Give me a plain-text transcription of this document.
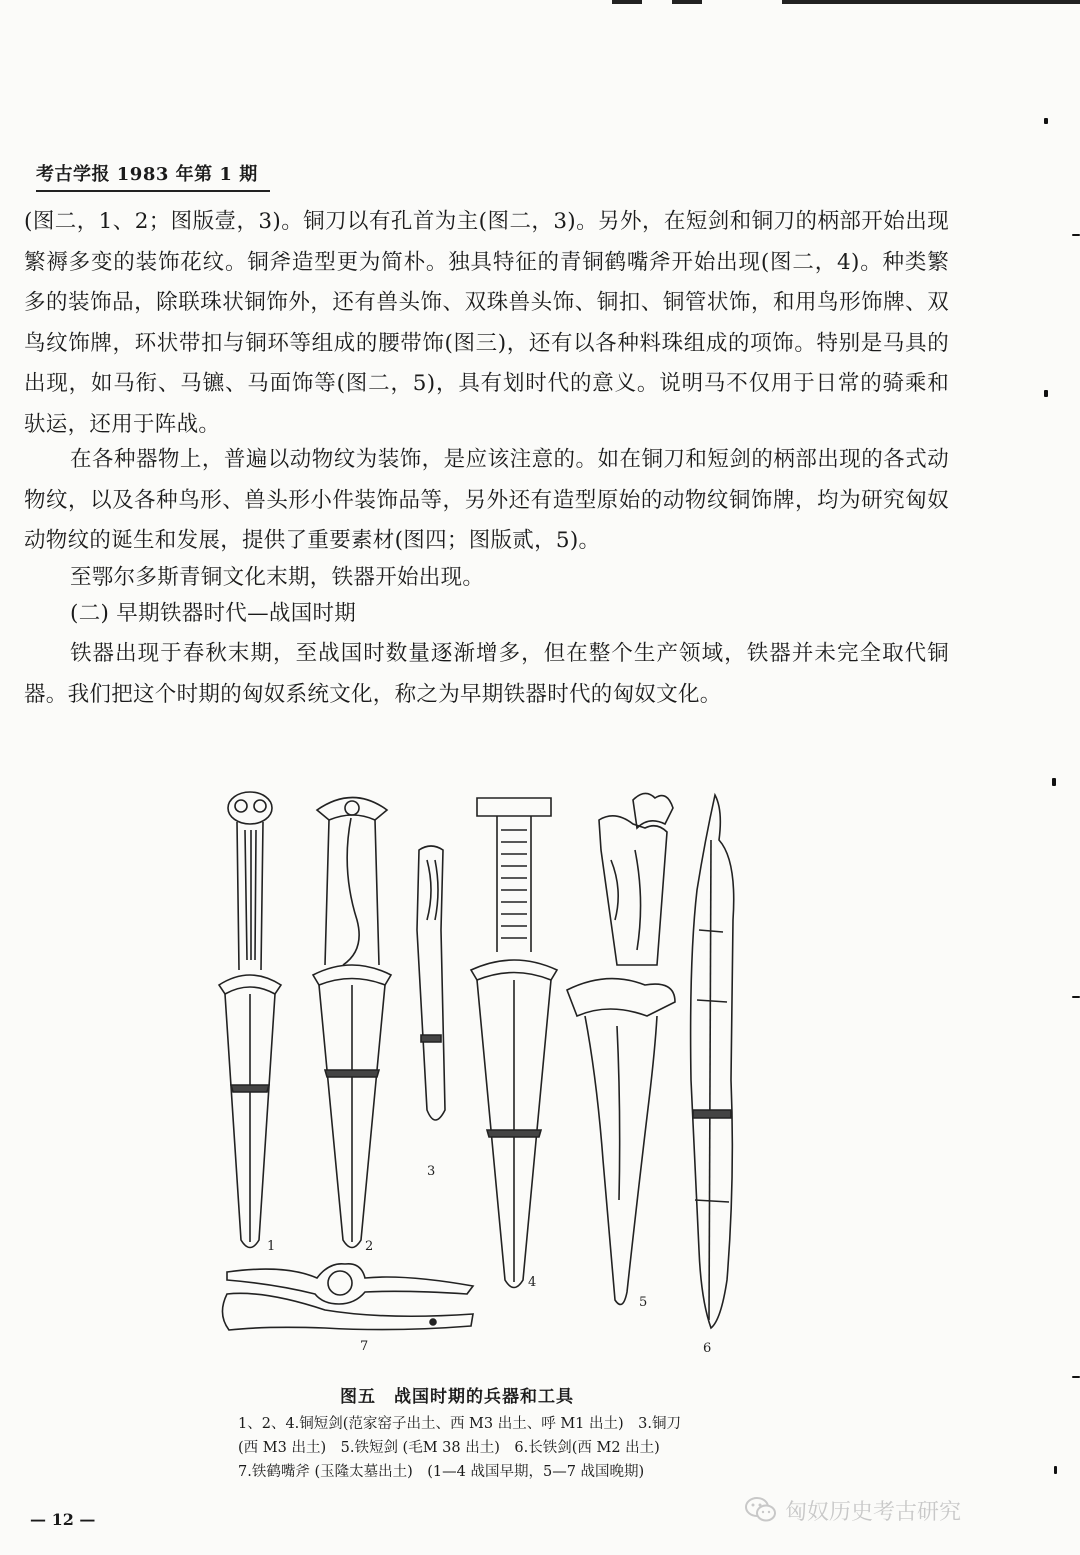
考古学报 1983 年第 1 期
(图二，1、2；图版壹，3)。铜刀以有孔首为主(图二，3)。另外，在短剑和铜刀的柄部开始出现繁褥多变的装饰花纹。铜斧造型更为简朴。独具特征的青铜鹤嘴斧开始出现(图二，4)。种类繁多的装饰品，除联珠状铜饰外，还有兽头饰、双珠兽头饰、铜扣、铜管状饰，和用鸟形饰牌、双鸟纹饰牌，环状带扣与铜环等组成的腰带饰(图三)，还有以各种料珠组成的项饰。特别是马具的出现，如马衔、马镳、马面饰等(图二，5)，具有划时代的意义。说明马不仅用于日常的骑乘和驮运，还用于阵战。
在各种器物上，普遍以动物纹为装饰，是应该注意的。如在铜刀和短剑的柄部出现的各式动物纹，以及各种鸟形、兽头形小件装饰品等，另外还有造型原始的动物纹铜饰牌，均为研究匈奴动物纹的诞生和发展，提供了重要素材(图四；图版贰，5)。
至鄂尔多斯青铜文化末期，铁器开始出现。
(二) 早期铁器时代—战国时期
铁器出现于春秋末期，至战国时数量逐渐增多，但在整个生产领域，铁器并未完全取代铜器。我们把这个时期的匈奴系统文化，称之为早期铁器时代的匈奴文化。
1	2
3
4
5
6
7
图五　战国时期的兵器和工具
1、2、4.铜短剑(范家窑子出土、西 M3 出土、呼 M1 出土)　3.铜刀
(西 M3 出土)　5.铁短剑 (毛M 38 出土)　6.长铁剑(西 M2 出土)
7.铁鹤嘴斧 (玉隆太墓出土)　(1—4 战国早期，5—7 战国晚期)
— 12 —	匈奴历史考古研究
